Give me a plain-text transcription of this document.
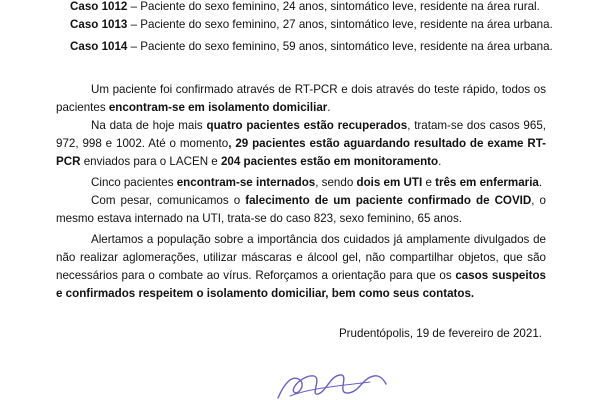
Caso 1012 – Paciente do sexo feminino, 24 anos, sintomático leve, residente na área rural.
Caso 1013 – Paciente do sexo feminino, 27 anos, sintomático leve, residente na área urbana.
Caso 1014 – Paciente do sexo feminino, 59 anos, sintomático leve, residente na área urbana.
Um paciente foi confirmado através de RT-PCR e dois através do teste rápido, todos os pacientes encontram-se em isolamento domiciliar.
Na data de hoje mais quatro pacientes estão recuperados, tratam-se dos casos 965, 972, 998 e 1002. Até o momento, 29 pacientes estão aguardando resultado de exame RT-PCR enviados para o LACEN e 204 pacientes estão em monitoramento.
Cinco pacientes encontram-se internados, sendo dois em UTI e três em enfermaria.
Com pesar, comunicamos o falecimento de um paciente confirmado de COVID, o mesmo estava internado na UTI, trata-se do caso 823, sexo feminino, 65 anos.
Alertamos a população sobre a importância dos cuidados já amplamente divulgados de não realizar aglomerações, utilizar máscaras e álcool gel, não compartilhar objetos, que são necessários para o combate ao vírus. Reforçamos a orientação para que os casos suspeitos e confirmados respeitem o isolamento domiciliar, bem como seus contatos.
Prudentópolis, 19 de fevereiro de 2021.
